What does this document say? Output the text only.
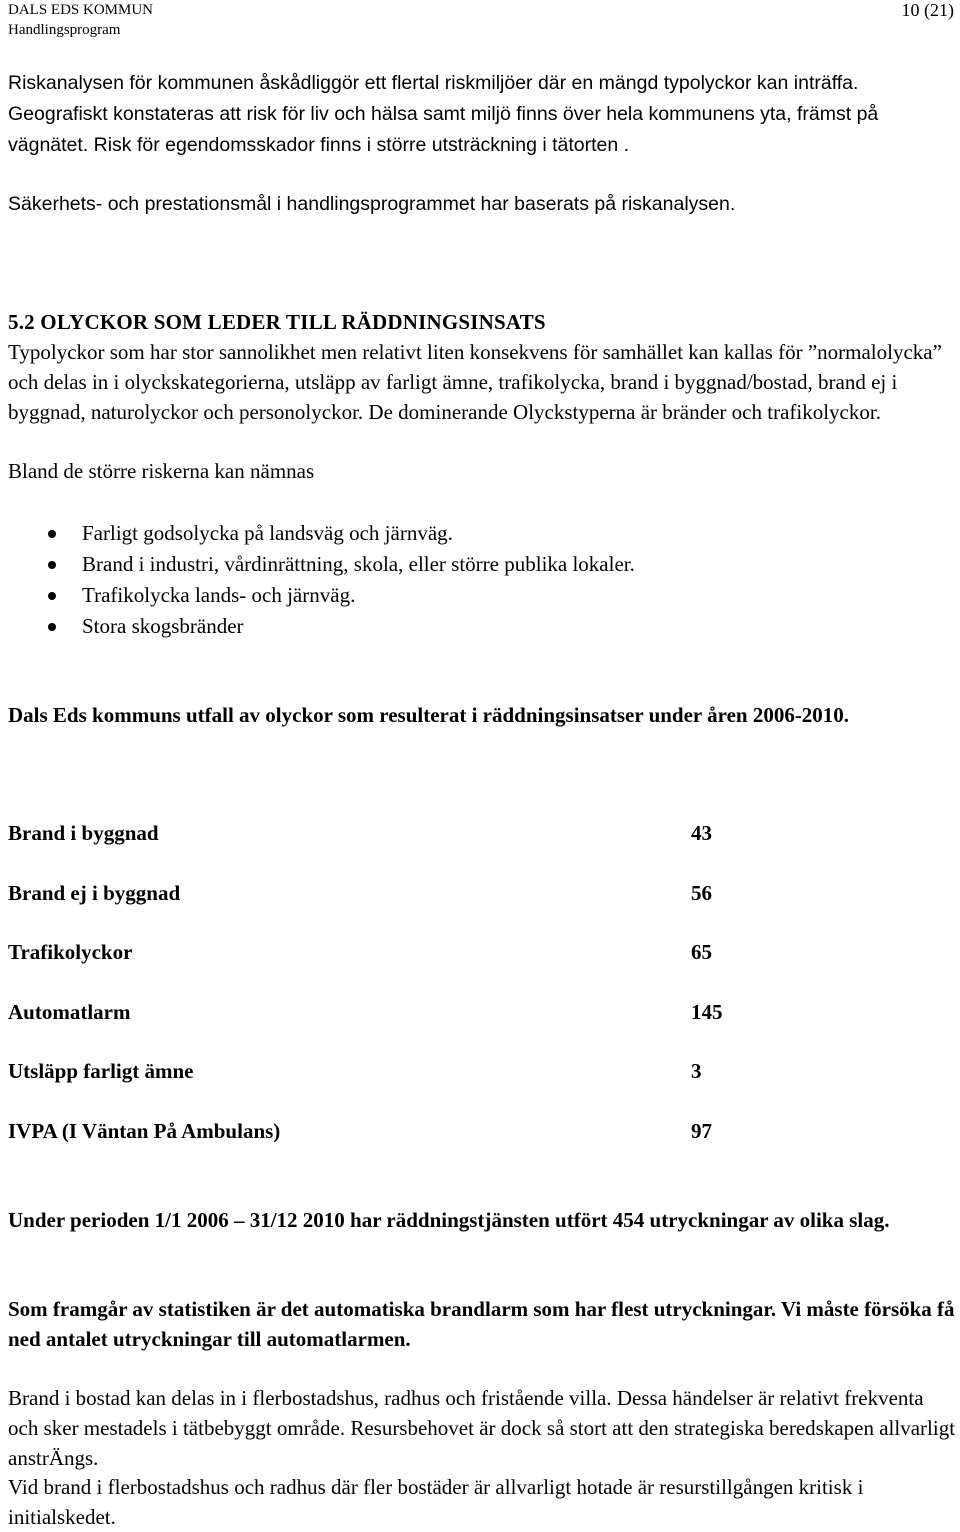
DALS EDS KOMMUN
Handlingsprogram
10 (21)

Riskanalysen för kommunen åskådliggör ett flertal riskmiljöer där en mängd typolyckor kan inträffa. Geografiskt konstateras att risk för liv och hälsa samt miljö finns över hela kommunens yta, främst på vägnätet. Risk för egendomsskador finns i större utsträckning i tätorten .

Säkerhets- och prestationsmål i handlingsprogrammet har baserats på riskanalysen.

5.2 OLYCKOR SOM LEDER TILL RÄDDNINGSINSATS

Typolyckor som har stor sannolikhet men relativt liten konsekvens för samhället kan kallas för ”normalolycka” och delas in i olyckskategorierna, utsläpp av farligt ämne, trafikolycka, brand i byggnad/bostad, brand ej i byggnad, naturolyckor och personolyckor. De dominerande Olyckstyperna är bränder och trafikolyckor.

Bland de större riskerna kan nämnas

Farligt godsolycka på landsväg och järnväg.
Brand i industri, vårdinrättning, skola, eller större publika lokaler.
Trafikolycka lands- och järnväg.
Stora skogsbränder

Dals Eds kommuns utfall av olyckor som resulterat i räddningsinsatser under åren 2006-2010.

Brand i byggnad	43
Brand ej i byggnad	56
Trafikolyckor	65
Automatlarm	145
Utsläpp farligt ämne	3
IVPA (I Väntan På Ambulans)	97

Under perioden 1/1 2006 – 31/12 2010 har räddningstjänsten utfört 454 utryckningar av olika slag.

Som framgår av statistiken är det automatiska brandlarm som har flest utryckningar. Vi måste försöka få ned antalet utryckningar till automatlarmen.

Brand i bostad kan delas in i flerbostadshus, radhus och fristående villa. Dessa händelser är relativt frekventa och sker mestadels i tätbebyggt område. Resursbehovet är dock så stort att den strategiska beredskapen allvarligt anstrÄngs.

Vid brand i flerbostadshus och radhus där fler bostäder är allvarligt hotade är resurstillgången kritisk i initialskedet.
